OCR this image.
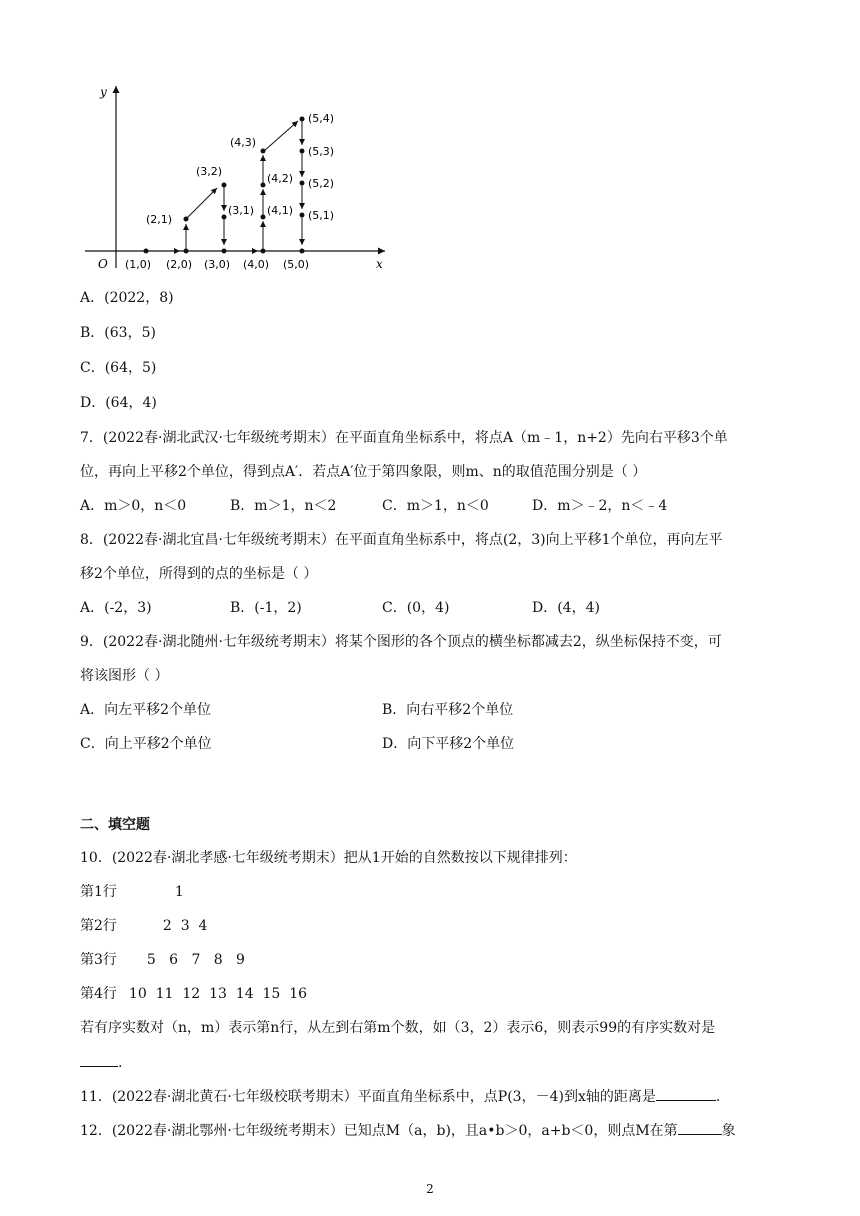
x
y
O (1,0) (2,0) (3,0) (4,0) (5,0)
(2,1)
(3,2)
(3,1)
(4,3)
(4,2)
(4,1)
(5,4)
(5,3)
(5,2)
(5,1)
A．(2022，8)
B．(63，5)
C．(64，5)
D．(64，4)
7．(2022春·湖北武汉·七年级统考期末）在平面直角坐标系中，将点A（m﹣1，n+2）先向右平移3个单
位，再向上平移2个单位，得到点A′．若点A′位于第四象限，则m、n的取值范围分别是（ ）
A．m＞0，n＜0	B．m＞1，n＜2	C．m＞1，n＜0	D．m＞﹣2，n＜﹣4
8．(2022春·湖北宜昌·七年级统考期末）在平面直角坐标系中，将点(2，3)向上平移1个单位，再向左平
移2个单位，所得到的点的坐标是（ ）
A．(-2，3)	B．(-1，2)	C．(0，4)	D．(4，4)
9．(2022春·湖北随州·七年级统考期末）将某个图形的各个顶点的横坐标都减去2，纵坐标保持不变，可
将该图形（ ）
A．向左平移2个单位	B．向右平移2个单位
C．向上平移2个单位	D．向下平移2个单位
二、填空题
10．(2022春·湖北孝感·七年级统考期末）把从1开始的自然数按以下规律排列：
第1行	1
第2行	2  3  4
第3行 5   6   7   8   9
第4行 10  11  12  13  14  15  16
若有序实数对（n，m）表示第n行，从左到右第m个数，如（3，2）表示6，则表示99的有序实数对是
.
11．(2022春·湖北黄石·七年级校联考期末）平面直角坐标系中，点P(3，－4)到x轴的距离是	.
12．(2022春·湖北鄂州·七年级统考期末）已知点M（a，b)，且a•b＞0，a+b＜0，则点M在第	象
2
